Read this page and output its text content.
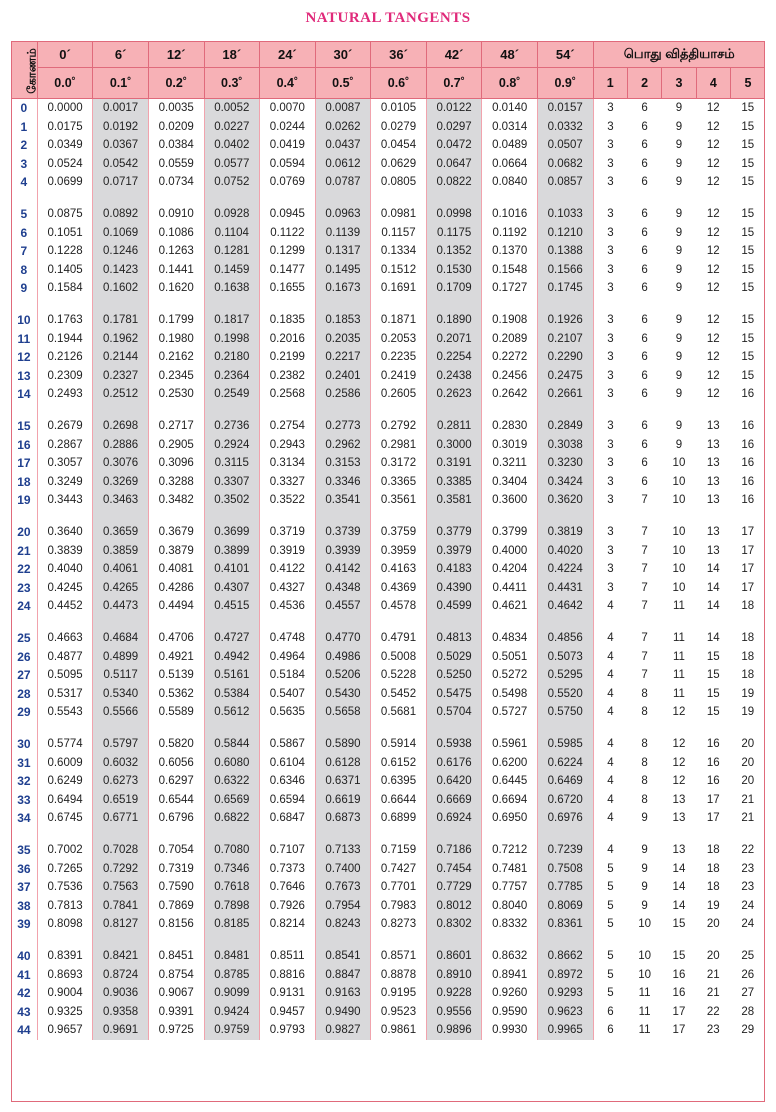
NATURAL TANGENTS
கோணம்	0´	6´	12´	18´	24´	30´	36´	42´	48´	54´	பொது வித்தியாசம்				
	0.0˚	0.1˚	0.2˚	0.3˚	0.4˚	0.5˚	0.6˚	0.7˚	0.8˚	0.9˚	1	2	3	4	5
0	0.0000	0.0017	0.0035	0.0052	0.0070	0.0087	0.0105	0.0122	0.0140	0.0157	3	6	9	12	15
1	0.0175	0.0192	0.0209	0.0227	0.0244	0.0262	0.0279	0.0297	0.0314	0.0332	3	6	9	12	15
2	0.0349	0.0367	0.0384	0.0402	0.0419	0.0437	0.0454	0.0472	0.0489	0.0507	3	6	9	12	15
3	0.0524	0.0542	0.0559	0.0577	0.0594	0.0612	0.0629	0.0647	0.0664	0.0682	3	6	9	12	15
4	0.0699	0.0717	0.0734	0.0752	0.0769	0.0787	0.0805	0.0822	0.0840	0.0857	3	6	9	12	15

5	0.0875	0.0892	0.0910	0.0928	0.0945	0.0963	0.0981	0.0998	0.1016	0.1033	3	6	9	12	15
6	0.1051	0.1069	0.1086	0.1104	0.1122	0.1139	0.1157	0.1175	0.1192	0.1210	3	6	9	12	15
7	0.1228	0.1246	0.1263	0.1281	0.1299	0.1317	0.1334	0.1352	0.1370	0.1388	3	6	9	12	15
8	0.1405	0.1423	0.1441	0.1459	0.1477	0.1495	0.1512	0.1530	0.1548	0.1566	3	6	9	12	15
9	0.1584	0.1602	0.1620	0.1638	0.1655	0.1673	0.1691	0.1709	0.1727	0.1745	3	6	9	12	15

10	0.1763	0.1781	0.1799	0.1817	0.1835	0.1853	0.1871	0.1890	0.1908	0.1926	3	6	9	12	15
11	0.1944	0.1962	0.1980	0.1998	0.2016	0.2035	0.2053	0.2071	0.2089	0.2107	3	6	9	12	15
12	0.2126	0.2144	0.2162	0.2180	0.2199	0.2217	0.2235	0.2254	0.2272	0.2290	3	6	9	12	15
13	0.2309	0.2327	0.2345	0.2364	0.2382	0.2401	0.2419	0.2438	0.2456	0.2475	3	6	9	12	15
14	0.2493	0.2512	0.2530	0.2549	0.2568	0.2586	0.2605	0.2623	0.2642	0.2661	3	6	9	12	16

15	0.2679	0.2698	0.2717	0.2736	0.2754	0.2773	0.2792	0.2811	0.2830	0.2849	3	6	9	13	16
16	0.2867	0.2886	0.2905	0.2924	0.2943	0.2962	0.2981	0.3000	0.3019	0.3038	3	6	9	13	16
17	0.3057	0.3076	0.3096	0.3115	0.3134	0.3153	0.3172	0.3191	0.3211	0.3230	3	6	10	13	16
18	0.3249	0.3269	0.3288	0.3307	0.3327	0.3346	0.3365	0.3385	0.3404	0.3424	3	6	10	13	16
19	0.3443	0.3463	0.3482	0.3502	0.3522	0.3541	0.3561	0.3581	0.3600	0.3620	3	7	10	13	16

20	0.3640	0.3659	0.3679	0.3699	0.3719	0.3739	0.3759	0.3779	0.3799	0.3819	3	7	10	13	17
21	0.3839	0.3859	0.3879	0.3899	0.3919	0.3939	0.3959	0.3979	0.4000	0.4020	3	7	10	13	17
22	0.4040	0.4061	0.4081	0.4101	0.4122	0.4142	0.4163	0.4183	0.4204	0.4224	3	7	10	14	17
23	0.4245	0.4265	0.4286	0.4307	0.4327	0.4348	0.4369	0.4390	0.4411	0.4431	3	7	10	14	17
24	0.4452	0.4473	0.4494	0.4515	0.4536	0.4557	0.4578	0.4599	0.4621	0.4642	4	7	11	14	18

25	0.4663	0.4684	0.4706	0.4727	0.4748	0.4770	0.4791	0.4813	0.4834	0.4856	4	7	11	14	18
26	0.4877	0.4899	0.4921	0.4942	0.4964	0.4986	0.5008	0.5029	0.5051	0.5073	4	7	11	15	18
27	0.5095	0.5117	0.5139	0.5161	0.5184	0.5206	0.5228	0.5250	0.5272	0.5295	4	7	11	15	18
28	0.5317	0.5340	0.5362	0.5384	0.5407	0.5430	0.5452	0.5475	0.5498	0.5520	4	8	11	15	19
29	0.5543	0.5566	0.5589	0.5612	0.5635	0.5658	0.5681	0.5704	0.5727	0.5750	4	8	12	15	19

30	0.5774	0.5797	0.5820	0.5844	0.5867	0.5890	0.5914	0.5938	0.5961	0.5985	4	8	12	16	20
31	0.6009	0.6032	0.6056	0.6080	0.6104	0.6128	0.6152	0.6176	0.6200	0.6224	4	8	12	16	20
32	0.6249	0.6273	0.6297	0.6322	0.6346	0.6371	0.6395	0.6420	0.6445	0.6469	4	8	12	16	20
33	0.6494	0.6519	0.6544	0.6569	0.6594	0.6619	0.6644	0.6669	0.6694	0.6720	4	8	13	17	21
34	0.6745	0.6771	0.6796	0.6822	0.6847	0.6873	0.6899	0.6924	0.6950	0.6976	4	9	13	17	21

35	0.7002	0.7028	0.7054	0.7080	0.7107	0.7133	0.7159	0.7186	0.7212	0.7239	4	9	13	18	22
36	0.7265	0.7292	0.7319	0.7346	0.7373	0.7400	0.7427	0.7454	0.7481	0.7508	5	9	14	18	23
37	0.7536	0.7563	0.7590	0.7618	0.7646	0.7673	0.7701	0.7729	0.7757	0.7785	5	9	14	18	23
38	0.7813	0.7841	0.7869	0.7898	0.7926	0.7954	0.7983	0.8012	0.8040	0.8069	5	9	14	19	24
39	0.8098	0.8127	0.8156	0.8185	0.8214	0.8243	0.8273	0.8302	0.8332	0.8361	5	10	15	20	24

40	0.8391	0.8421	0.8451	0.8481	0.8511	0.8541	0.8571	0.8601	0.8632	0.8662	5	10	15	20	25
41	0.8693	0.8724	0.8754	0.8785	0.8816	0.8847	0.8878	0.8910	0.8941	0.8972	5	10	16	21	26
42	0.9004	0.9036	0.9067	0.9099	0.9131	0.9163	0.9195	0.9228	0.9260	0.9293	5	11	16	21	27
43	0.9325	0.9358	0.9391	0.9424	0.9457	0.9490	0.9523	0.9556	0.9590	0.9623	6	11	17	22	28
44	0.9657	0.9691	0.9725	0.9759	0.9793	0.9827	0.9861	0.9896	0.9930	0.9965	6	11	17	23	29
